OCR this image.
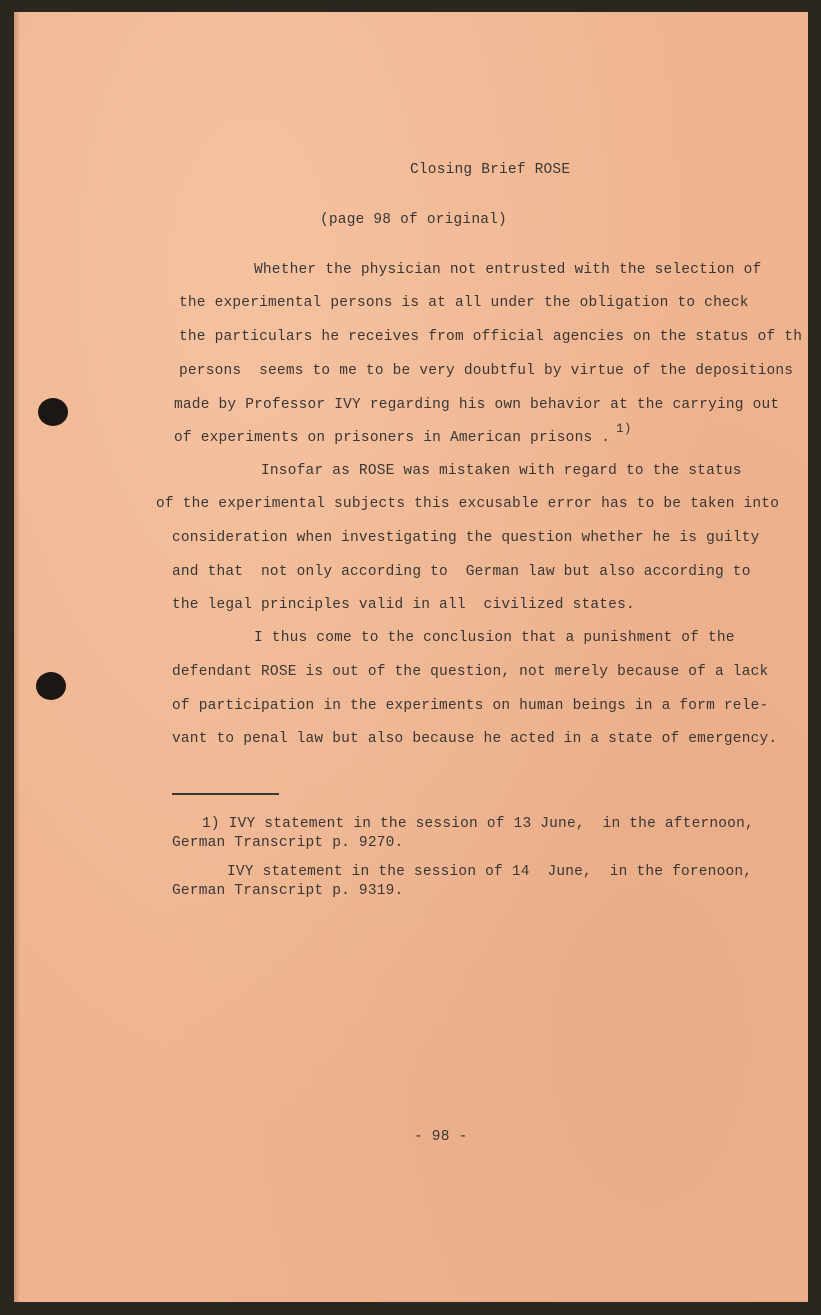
Closing Brief ROSE
(page 98 of original)
Whether the physician not entrusted with the selection of
the experimental persons is at all under the obligation to check
the particulars he receives from official agencies on the status of th
persons  seems to me to be very doubtful by virtue of the depositions
made by Professor IVY regarding his own behavior at the carrying out
of experiments on prisoners in American prisons .1)
Insofar as ROSE was mistaken with regard to the status
of the experimental subjects this excusable error has to be taken into
consideration when investigating the question whether he is guilty
and that  not only according to  German law but also according to
the legal principles valid in all  civilized states.
I thus come to the conclusion that a punishment of the
defendant ROSE is out of the question, not merely because of a lack
of participation in the experiments on human beings in a form rele-
vant to penal law but also because he acted in a state of emergency.
1) IVY statement in the session of 13 June,  in the afternoon,
German Transcript p. 9270.
IVY statement in the session of 14  June,  in the forenoon,
German Transcript p. 9319.
- 98 -
